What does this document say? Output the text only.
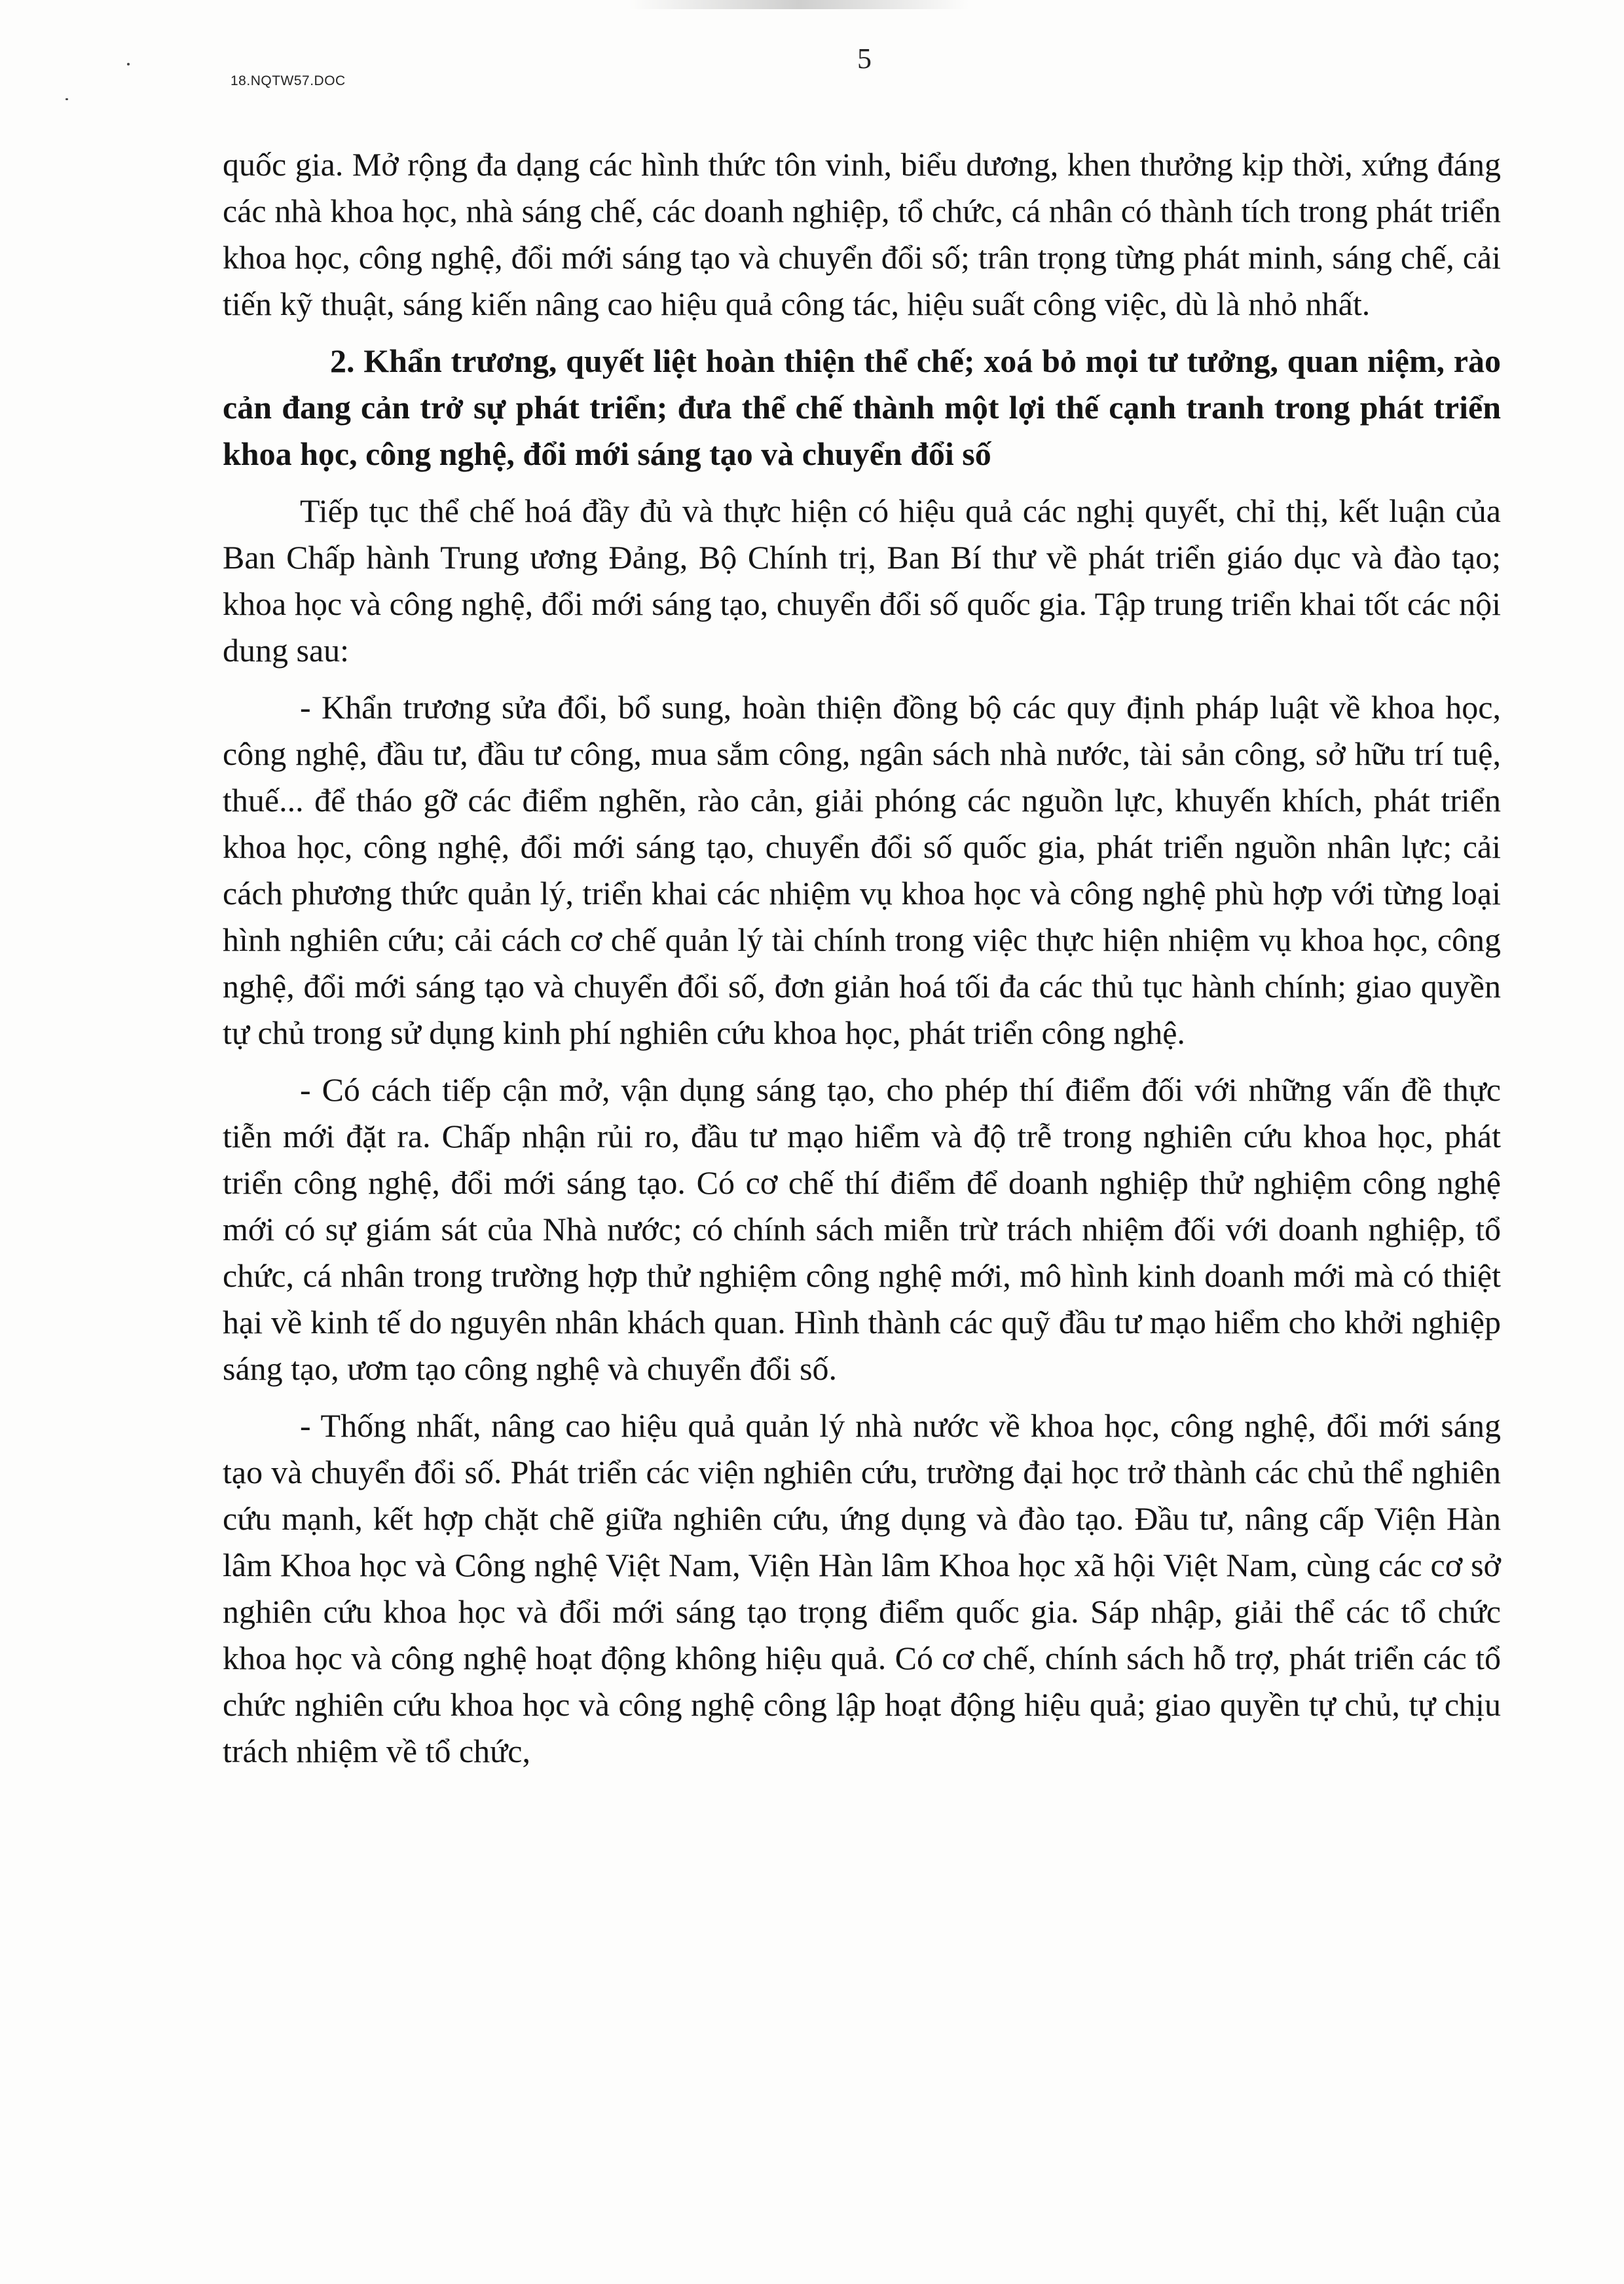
18.NQTW57.DOC
5

quốc gia. Mở rộng đa dạng các hình thức tôn vinh, biểu dương, khen thưởng kịp thời, xứng đáng các nhà khoa học, nhà sáng chế, các doanh nghiệp, tổ chức, cá nhân có thành tích trong phát triển khoa học, công nghệ, đổi mới sáng tạo và chuyển đổi số; trân trọng từng phát minh, sáng chế, cải tiến kỹ thuật, sáng kiến nâng cao hiệu quả công tác, hiệu suất công việc, dù là nhỏ nhất.

2. Khẩn trương, quyết liệt hoàn thiện thể chế; xoá bỏ mọi tư tưởng, quan niệm, rào cản đang cản trở sự phát triển; đưa thể chế thành một lợi thế cạnh tranh trong phát triển khoa học, công nghệ, đổi mới sáng tạo và chuyển đổi số

Tiếp tục thể chế hoá đầy đủ và thực hiện có hiệu quả các nghị quyết, chỉ thị, kết luận của Ban Chấp hành Trung ương Đảng, Bộ Chính trị, Ban Bí thư về phát triển giáo dục và đào tạo; khoa học và công nghệ, đổi mới sáng tạo, chuyển đổi số quốc gia. Tập trung triển khai tốt các nội dung sau:

- Khẩn trương sửa đổi, bổ sung, hoàn thiện đồng bộ các quy định pháp luật về khoa học, công nghệ, đầu tư, đầu tư công, mua sắm công, ngân sách nhà nước, tài sản công, sở hữu trí tuệ, thuế... để tháo gỡ các điểm nghẽn, rào cản, giải phóng các nguồn lực, khuyến khích, phát triển khoa học, công nghệ, đổi mới sáng tạo, chuyển đổi số quốc gia, phát triển nguồn nhân lực; cải cách phương thức quản lý, triển khai các nhiệm vụ khoa học và công nghệ phù hợp với từng loại hình nghiên cứu; cải cách cơ chế quản lý tài chính trong việc thực hiện nhiệm vụ khoa học, công nghệ, đổi mới sáng tạo và chuyển đổi số, đơn giản hoá tối đa các thủ tục hành chính; giao quyền tự chủ trong sử dụng kinh phí nghiên cứu khoa học, phát triển công nghệ.

- Có cách tiếp cận mở, vận dụng sáng tạo, cho phép thí điểm đối với những vấn đề thực tiễn mới đặt ra. Chấp nhận rủi ro, đầu tư mạo hiểm và độ trễ trong nghiên cứu khoa học, phát triển công nghệ, đổi mới sáng tạo. Có cơ chế thí điểm để doanh nghiệp thử nghiệm công nghệ mới có sự giám sát của Nhà nước; có chính sách miễn trừ trách nhiệm đối với doanh nghiệp, tổ chức, cá nhân trong trường hợp thử nghiệm công nghệ mới, mô hình kinh doanh mới mà có thiệt hại về kinh tế do nguyên nhân khách quan. Hình thành các quỹ đầu tư mạo hiểm cho khởi nghiệp sáng tạo, ươm tạo công nghệ và chuyển đổi số.

- Thống nhất, nâng cao hiệu quả quản lý nhà nước về khoa học, công nghệ, đổi mới sáng tạo và chuyển đổi số. Phát triển các viện nghiên cứu, trường đại học trở thành các chủ thể nghiên cứu mạnh, kết hợp chặt chẽ giữa nghiên cứu, ứng dụng và đào tạo. Đầu tư, nâng cấp Viện Hàn lâm Khoa học và Công nghệ Việt Nam, Viện Hàn lâm Khoa học xã hội Việt Nam, cùng các cơ sở nghiên cứu khoa học và đổi mới sáng tạo trọng điểm quốc gia. Sáp nhập, giải thể các tổ chức khoa học và công nghệ hoạt động không hiệu quả. Có cơ chế, chính sách hỗ trợ, phát triển các tổ chức nghiên cứu khoa học và công nghệ công lập hoạt động hiệu quả; giao quyền tự chủ, tự chịu trách nhiệm về tổ chức,
